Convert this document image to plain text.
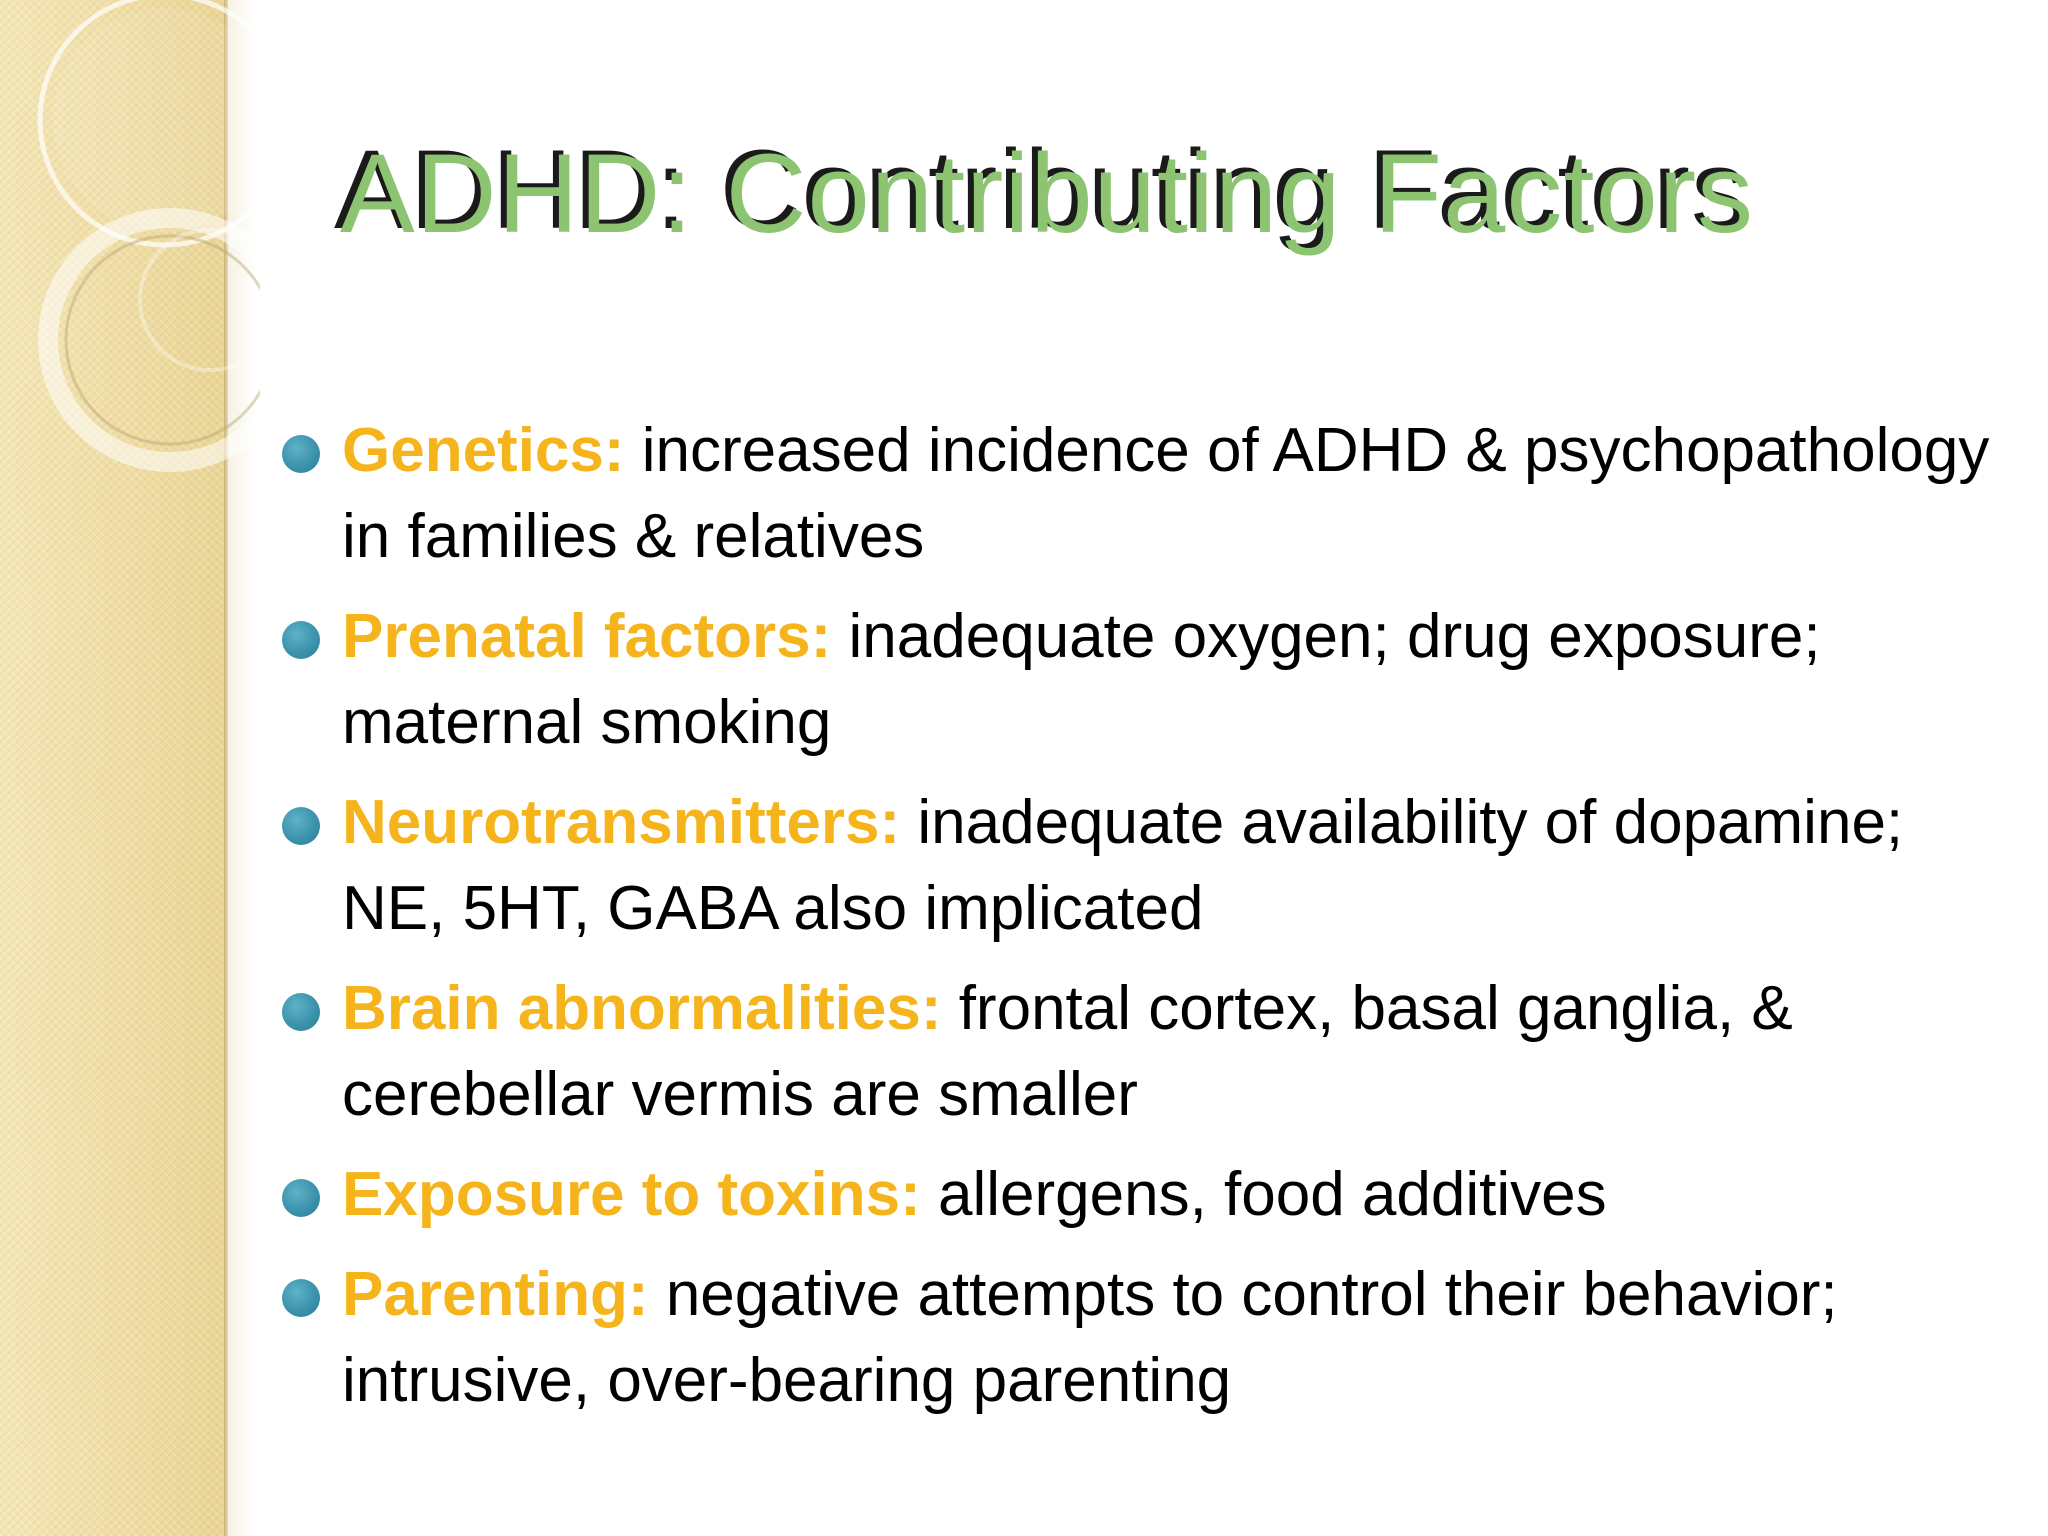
ADHD: Contributing Factors
Genetics: increased incidence of ADHD & psychopathology in families & relatives
Prenatal factors: inadequate oxygen; drug exposure; maternal smoking
Neurotransmitters: inadequate availability of dopamine; NE, 5HT, GABA also implicated
Brain abnormalities: frontal cortex, basal ganglia, & cerebellar vermis are smaller
Exposure to toxins: allergens, food additives
Parenting: negative attempts to control their behavior; intrusive, over-bearing parenting
